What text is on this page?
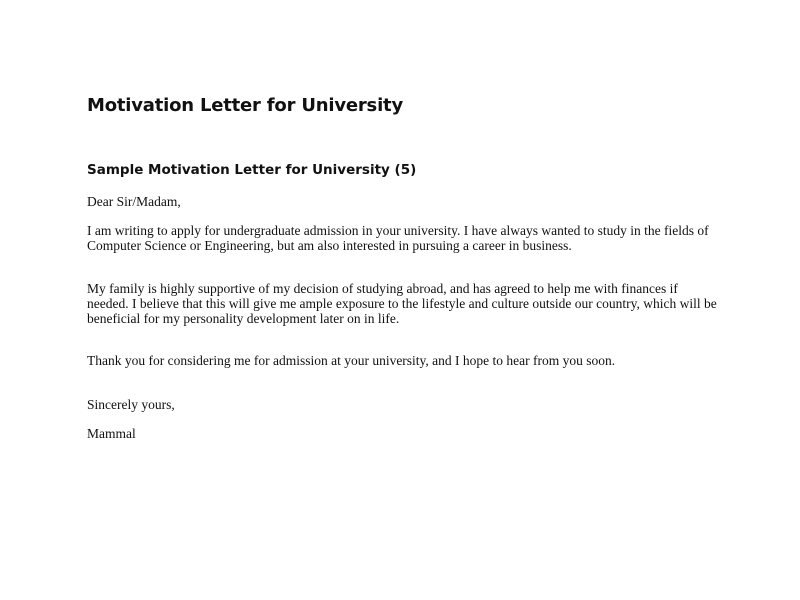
Motivation Letter for University
Sample Motivation Letter for University (5)

Dear Sir/Madam,

I am writing to apply for undergraduate admission in your university. I have always wanted to study in the fields of Computer Science or Engineering, but am also interested in pursuing a career in business.

My family is highly supportive of my decision of studying abroad, and has agreed to help me with finances if needed. I believe that this will give me ample exposure to the lifestyle and culture outside our country, which will be beneficial for my personality development later on in life.

Thank you for considering me for admission at your university, and I hope to hear from you soon.

Sincerely yours,

Mammal
